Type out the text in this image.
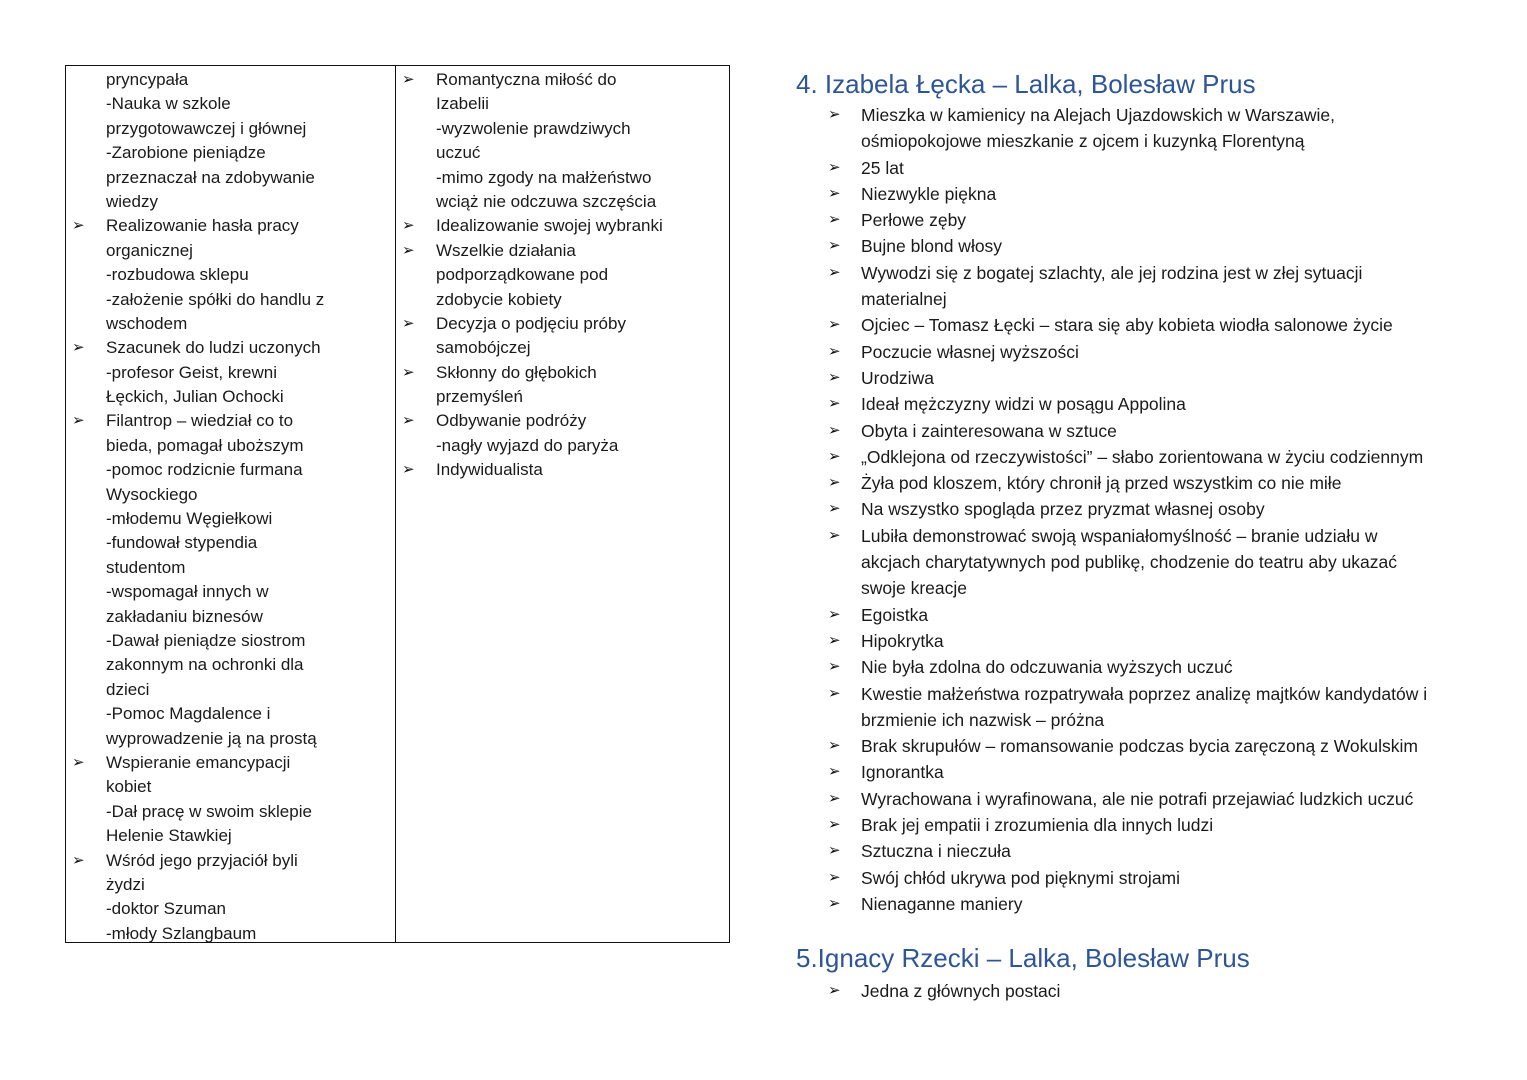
pryncypała
-Nauka w szkole
przygotowawczej i głównej
-Zarobione pieniądze
przeznaczał na zdobywanie
wiedzy
➢ Realizowanie hasła pracy
organicznej
-rozbudowa sklepu
-założenie spółki do handlu z
wschodem
➢ Szacunek do ludzi uczonych
-profesor Geist, krewni
Łęckich, Julian Ochocki
➢ Filantrop – wiedział co to
bieda, pomagał uboższym
-pomoc rodzicnie furmana
Wysockiego
-młodemu Węgiełkowi
-fundował stypendia
studentom
-wspomagał innych w
zakładaniu biznesów
-Dawał pieniądze siostrom
zakonnym na ochronki dla
dzieci
-Pomoc Magdalence i
wyprowadzenie ją na prostą
➢ Wspieranie emancypacji
kobiet
-Dał pracę w swoim sklepie
Helenie Stawkiej
➢ Wśród jego przyjaciół byli
żydzi
-doktor Szuman
-młody Szlangbaum
➢ Romantyczna miłość do
Izabelii
-wyzwolenie prawdziwych
uczuć
-mimo zgody na małżeństwo
wciąż nie odczuwa szczęścia
➢ Idealizowanie swojej wybranki
➢ Wszelkie działania
podporządkowane pod
zdobycie kobiety
➢ Decyzja o podjęciu próby
samobójczej
➢ Skłonny do głębokich
przemyśleń
➢ Odbywanie podróży
-nagły wyjazd do paryża
➢ Indywidualista
4. Izabela Łęcka – Lalka, Bolesław Prus
➢ Mieszka w kamienicy na Alejach Ujazdowskich w Warszawie,
ośmiopokojowe mieszkanie z ojcem i kuzynką Florentyną
➢ 25 lat
➢ Niezwykle piękna
➢ Perłowe zęby
➢ Bujne blond włosy
➢ Wywodzi się z bogatej szlachty, ale jej rodzina jest w złej sytuacji
materialnej
➢ Ojciec – Tomasz Łęcki – stara się aby kobieta wiodła salonowe życie
➢ Poczucie własnej wyższości
➢ Urodziwa
➢ Ideał mężczyzny widzi w posągu Appolina
➢ Obyta i zainteresowana w sztuce
➢ „Odklejona od rzeczywistości” – słabo zorientowana w życiu codziennym
➢ Żyła pod kloszem, który chronił ją przed wszystkim co nie miłe
➢ Na wszystko spogląda przez pryzmat własnej osoby
➢ Lubiła demonstrować swoją wspaniałomyślność – branie udziału w
akcjach charytatywnych pod publikę, chodzenie do teatru aby ukazać
swoje kreacje
➢ Egoistka
➢ Hipokrytka
➢ Nie była zdolna do odczuwania wyższych uczuć
➢ Kwestie małżeństwa rozpatrywała poprzez analizę majtków kandydatów i
brzmienie ich nazwisk – próżna
➢ Brak skrupułów – romansowanie podczas bycia zaręczoną z Wokulskim
➢ Ignorantka
➢ Wyrachowana i wyrafinowana, ale nie potrafi przejawiać ludzkich uczuć
➢ Brak jej empatii i zrozumienia dla innych ludzi
➢ Sztuczna i nieczuła
➢ Swój chłód ukrywa pod pięknymi strojami
➢ Nienaganne maniery
5.Ignacy Rzecki – Lalka, Bolesław Prus
➢ Jedna z głównych postaci
